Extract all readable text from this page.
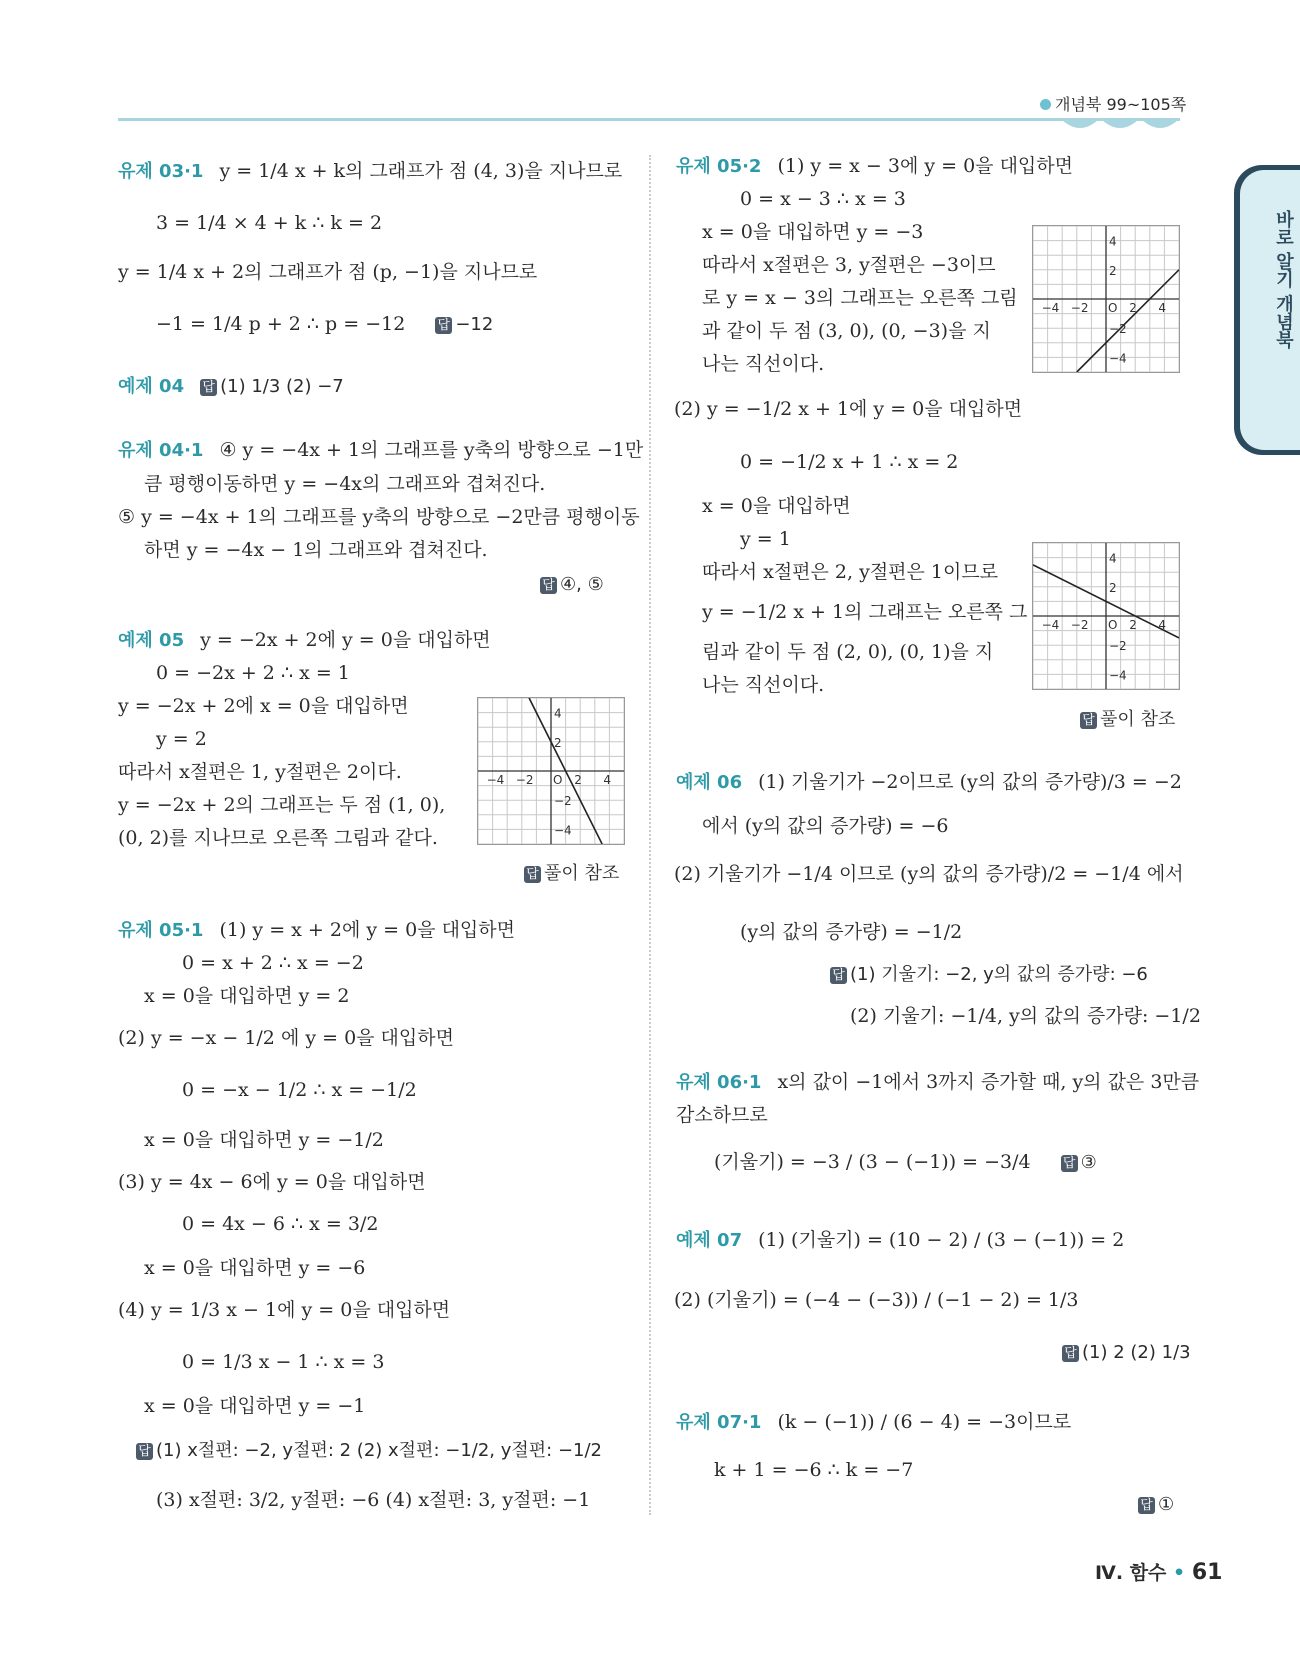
개념북 99~105쪽
바로 알기 개념북
−4 −2 O 2 4
2
4
−2
−4
−4 −2 O 2 4
2
4
−2
−4
−4 −2 O 2 4
2
4
−2
−4
Ⅳ. 함수 • 61
유제 03·1 y = 1/4 x + k의 그래프가 점 (4, 3)을 지나므로
3 = 1/4 × 4 + k ∴ k = 2
y = 1/4 x + 2의 그래프가 점 (p, −1)을 지나므로
−1 = 1/4 p + 2 ∴ p = −12 답 −12
예제 04 답 (1) 1/3 (2) −7
유제 04·1 ④ y = −4x + 1의 그래프를 y축의 방향으로 −1만
큼 평행이동하면 y = −4x의 그래프와 겹쳐진다.
⑤ y = −4x + 1의 그래프를 y축의 방향으로 −2만큼 평행이동
하면 y = −4x − 1의 그래프와 겹쳐진다.
답 ④, ⑤
예제 05 y = −2x + 2에 y = 0을 대입하면
0 = −2x + 2 ∴ x = 1
y = −2x + 2에 x = 0을 대입하면
y = 2
따라서 x절편은 1, y절편은 2이다.
y = −2x + 2의 그래프는 두 점 (1, 0),
(0, 2)를 지나므로 오른쪽 그림과 같다.
답 풀이 참조
유제 05·1 (1) y = x + 2에 y = 0을 대입하면
0 = x + 2 ∴ x = −2
x = 0을 대입하면 y = 2
(2) y = −x − 1/2 에 y = 0을 대입하면
0 = −x − 1/2 ∴ x = −1/2
x = 0을 대입하면 y = −1/2
(3) y = 4x − 6에 y = 0을 대입하면
0 = 4x − 6 ∴ x = 3/2
x = 0을 대입하면 y = −6
(4) y = 1/3 x − 1에 y = 0을 대입하면
0 = 1/3 x − 1 ∴ x = 3
x = 0을 대입하면 y = −1
답 (1) x절편: −2, y절편: 2 (2) x절편: −1/2, y절편: −1/2
(3) x절편: 3/2, y절편: −6 (4) x절편: 3, y절편: −1
유제 05·2 (1) y = x − 3에 y = 0을 대입하면
0 = x − 3 ∴ x = 3
x = 0을 대입하면 y = −3
따라서 x절편은 3, y절편은 −3이므
로 y = x − 3의 그래프는 오른쪽 그림
과 같이 두 점 (3, 0), (0, −3)을 지
나는 직선이다.
(2) y = −1/2 x + 1에 y = 0을 대입하면
0 = −1/2 x + 1 ∴ x = 2
x = 0을 대입하면
y = 1
따라서 x절편은 2, y절편은 1이므로
y = −1/2 x + 1의 그래프는 오른쪽 그
림과 같이 두 점 (2, 0), (0, 1)을 지
나는 직선이다.
답 풀이 참조
예제 06 (1) 기울기가 −2이므로 (y의 값의 증가량)/3 = −2
에서 (y의 값의 증가량) = −6
(2) 기울기가 −1/4 이므로 (y의 값의 증가량)/2 = −1/4 에서
(y의 값의 증가량) = −1/2
답 (1) 기울기: −2, y의 값의 증가량: −6
(2) 기울기: −1/4, y의 값의 증가량: −1/2
유제 06·1 x의 값이 −1에서 3까지 증가할 때, y의 값은 3만큼
감소하므로
(기울기) = −3 / (3 − (−1)) = −3/4 답 ③
예제 07 (1) (기울기) = (10 − 2) / (3 − (−1)) = 2
(2) (기울기) = (−4 − (−3)) / (−1 − 2) = 1/3
답 (1) 2 (2) 1/3
유제 07·1 (k − (−1)) / (6 − 4) = −3이므로
k + 1 = −6 ∴ k = −7
답 ①
